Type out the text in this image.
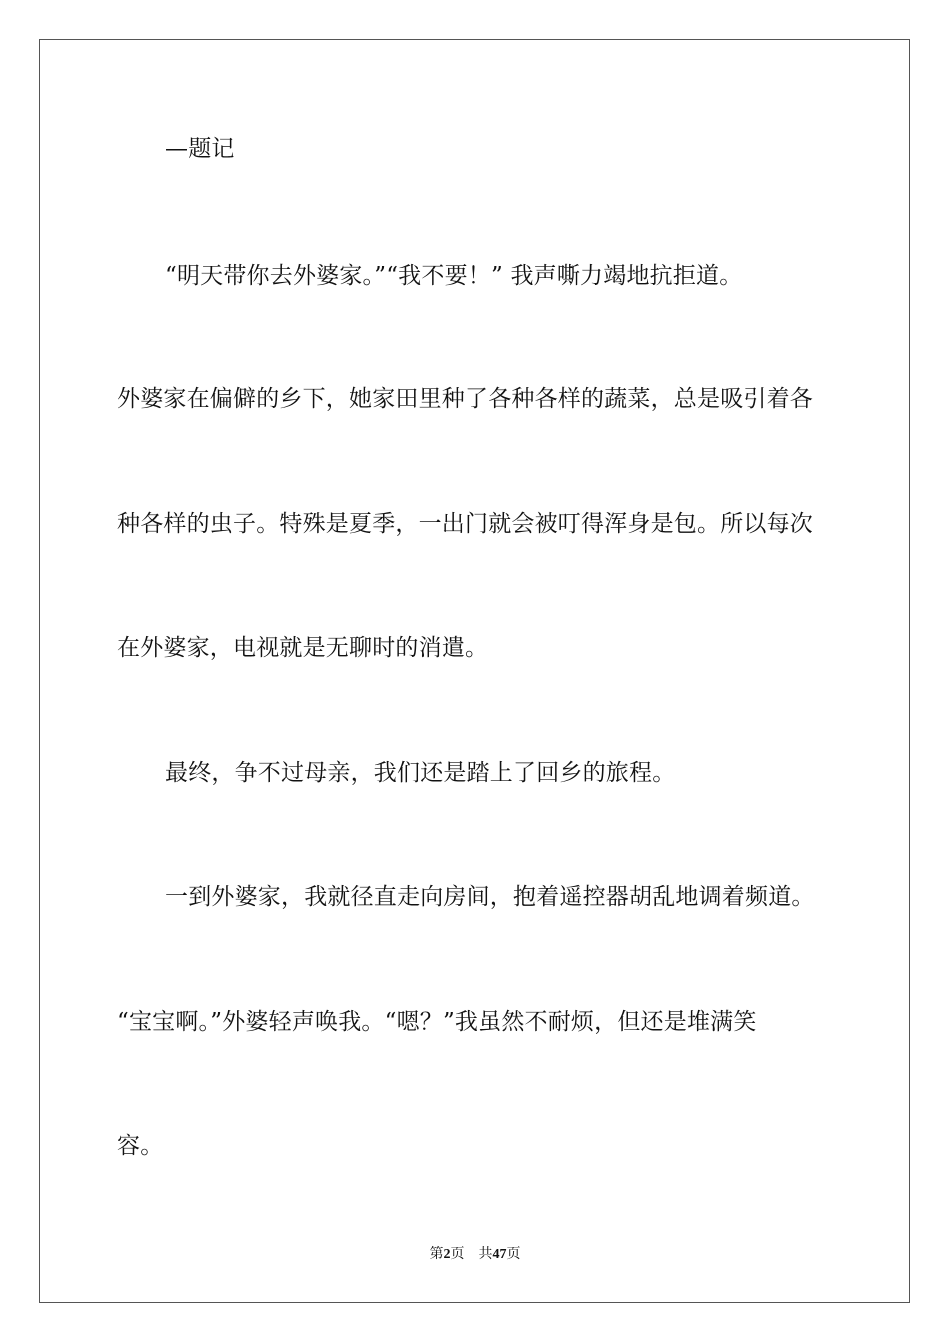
—题记
“明天带你去外婆家。”“我不要！” 我声嘶力竭地抗拒道。
外婆家在偏僻的乡下，她家田里种了各种各样的蔬菜，总是吸引着各
种各样的虫子。特殊是夏季，一出门就会被叮得浑身是包。所以每次
在外婆家，电视就是无聊时的消遣。
最终，争不过母亲，我们还是踏上了回乡的旅程。
一到外婆家，我就径直走向房间，抱着遥控器胡乱地调着频道。
“宝宝啊。”外婆轻声唤我。“嗯？”我虽然不耐烦，但还是堆满笑
容。
第2页 共47页
